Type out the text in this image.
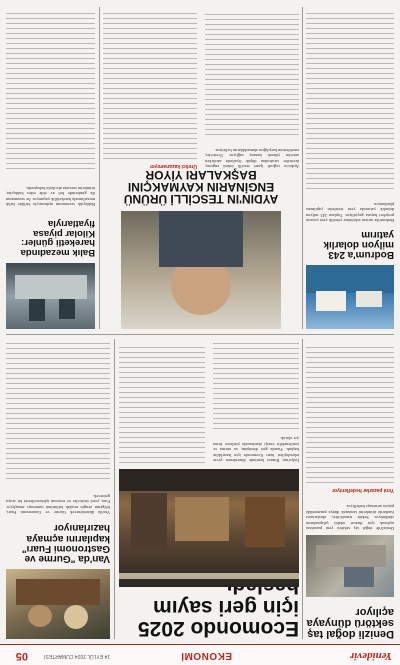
Yenidevir
EKONOMİ
14 EYLÜL 2024 CUMARTESİ
05
Denizli doğal taş sektörü dünyaya açılıyor
Denizli'de doğal taş sektörü yeni pazarlara açılmak için ihracat odaklı çalışmalarını sürdürüyor. Sektör temsilcileri, uluslararası fuarlarda ürünlerini tanıtarak dünya pazarındaki payını artırmayı hedefliyor.
Yeni pazarlar hedefleniyor
Ecomondo 2025 için geri sayım
İtalya'nın Rimini kentinde düzenlenen çevre teknolojileri fuarı Ecomondo için hazırlıklar başladı. Fuarda geri dönüşüm, su arıtma ve yenilenebilir enerji alanlarında yüzlerce firma yer alacak.
Van'da "Gurme ve Gastronomi Fuarı" kapılarını açmaya hazırlanıyor
Van'da düzenlenecek Gurme ve Gastronomi Fuarı, bölgenin zengin mutfak kültürünü tanıtmayı amaçlıyor. Fuar, yerel üreticiler ve restoran işletmecilerini bir araya getirecek.
Bodrum'a 243 milyon dolarlık yatırım
Bodrum'da turizm sektörüne yönelik yeni yatırım projeleri hayata geçiriliyor. Toplam 243 milyon dolarlık yatırımla yeni tesislerin yapılması planlanıyor.
AYDIN'IN TESCİLLİ ÜRÜNÜ ENGİNARIN KAYMAKÇINI BAŞKALARI YİYOR
Aydın'ın coğrafi işaret tescilli ürünü enginar, üreticiler tarafından düşük fiyatlarla satılırken aracılar yüksek kazanç sağlıyor. Üreticiler, emeklerinin karşılığını alamadıklarını belirtiyor.
Üretici kazanamıyor
Balık mezadında hareketli günler: Kilolar piyasa fiyatlarıyla
Balıkçılık sezonunun açılmasıyla birlikte balık mezatlarında hareketlilik yaşanıyor. Av sezonunun ilk günlerinde bol av elde eden balıkçılar, ürünlerini mezatta alıcılarla buluşturdu.
